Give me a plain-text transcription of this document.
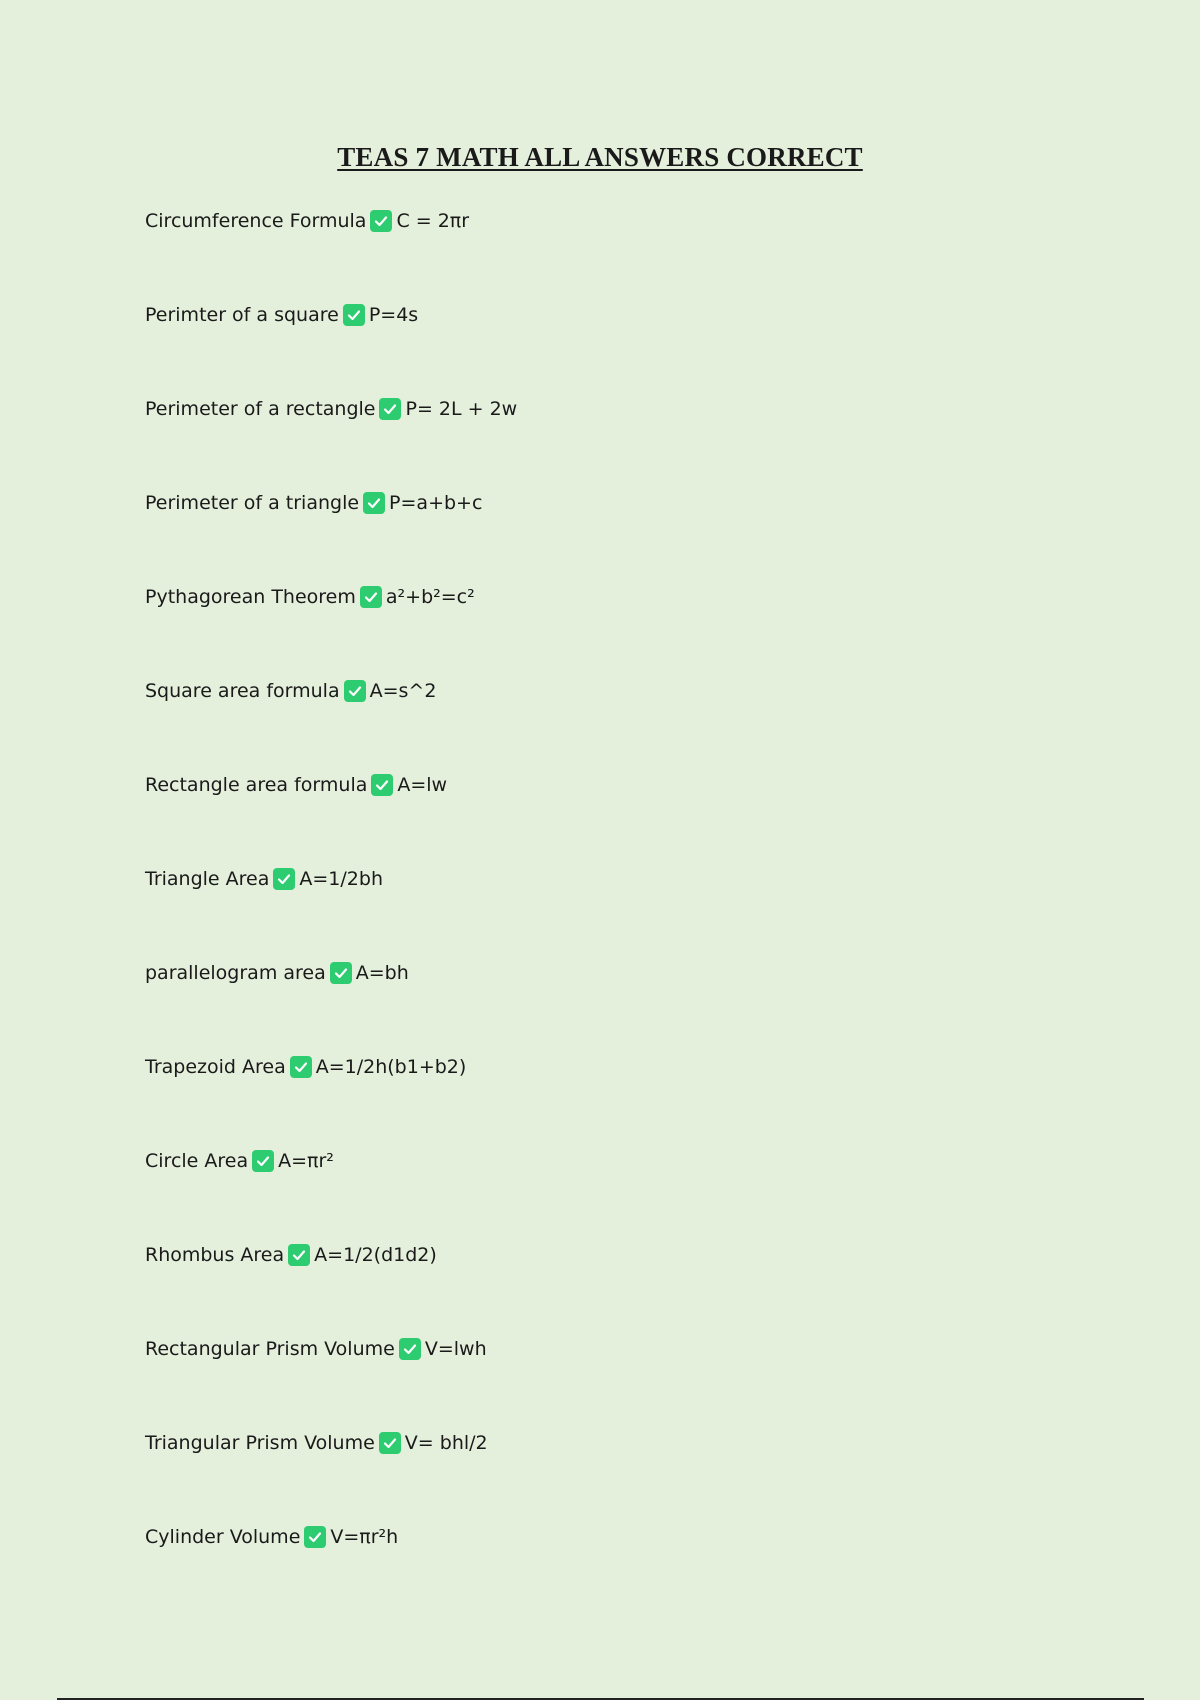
TEAS 7 MATH ALL ANSWERS CORRECT
Circumference Formula C = 2πr
Perimter of a square P=4s
Perimeter of a rectangle P= 2L + 2w
Perimeter of a triangle P=a+b+c
Pythagorean Theorem a²+b²=c²
Square area formula A=s^2
Rectangle area formula A=lw
Triangle Area A=1/2bh
parallelogram area A=bh
Trapezoid Area A=1/2h(b1+b2)
Circle Area A=πr²
Rhombus Area A=1/2(d1d2)
Rectangular Prism Volume V=lwh
Triangular Prism Volume V= bhl/2
Cylinder Volume V=πr²h
